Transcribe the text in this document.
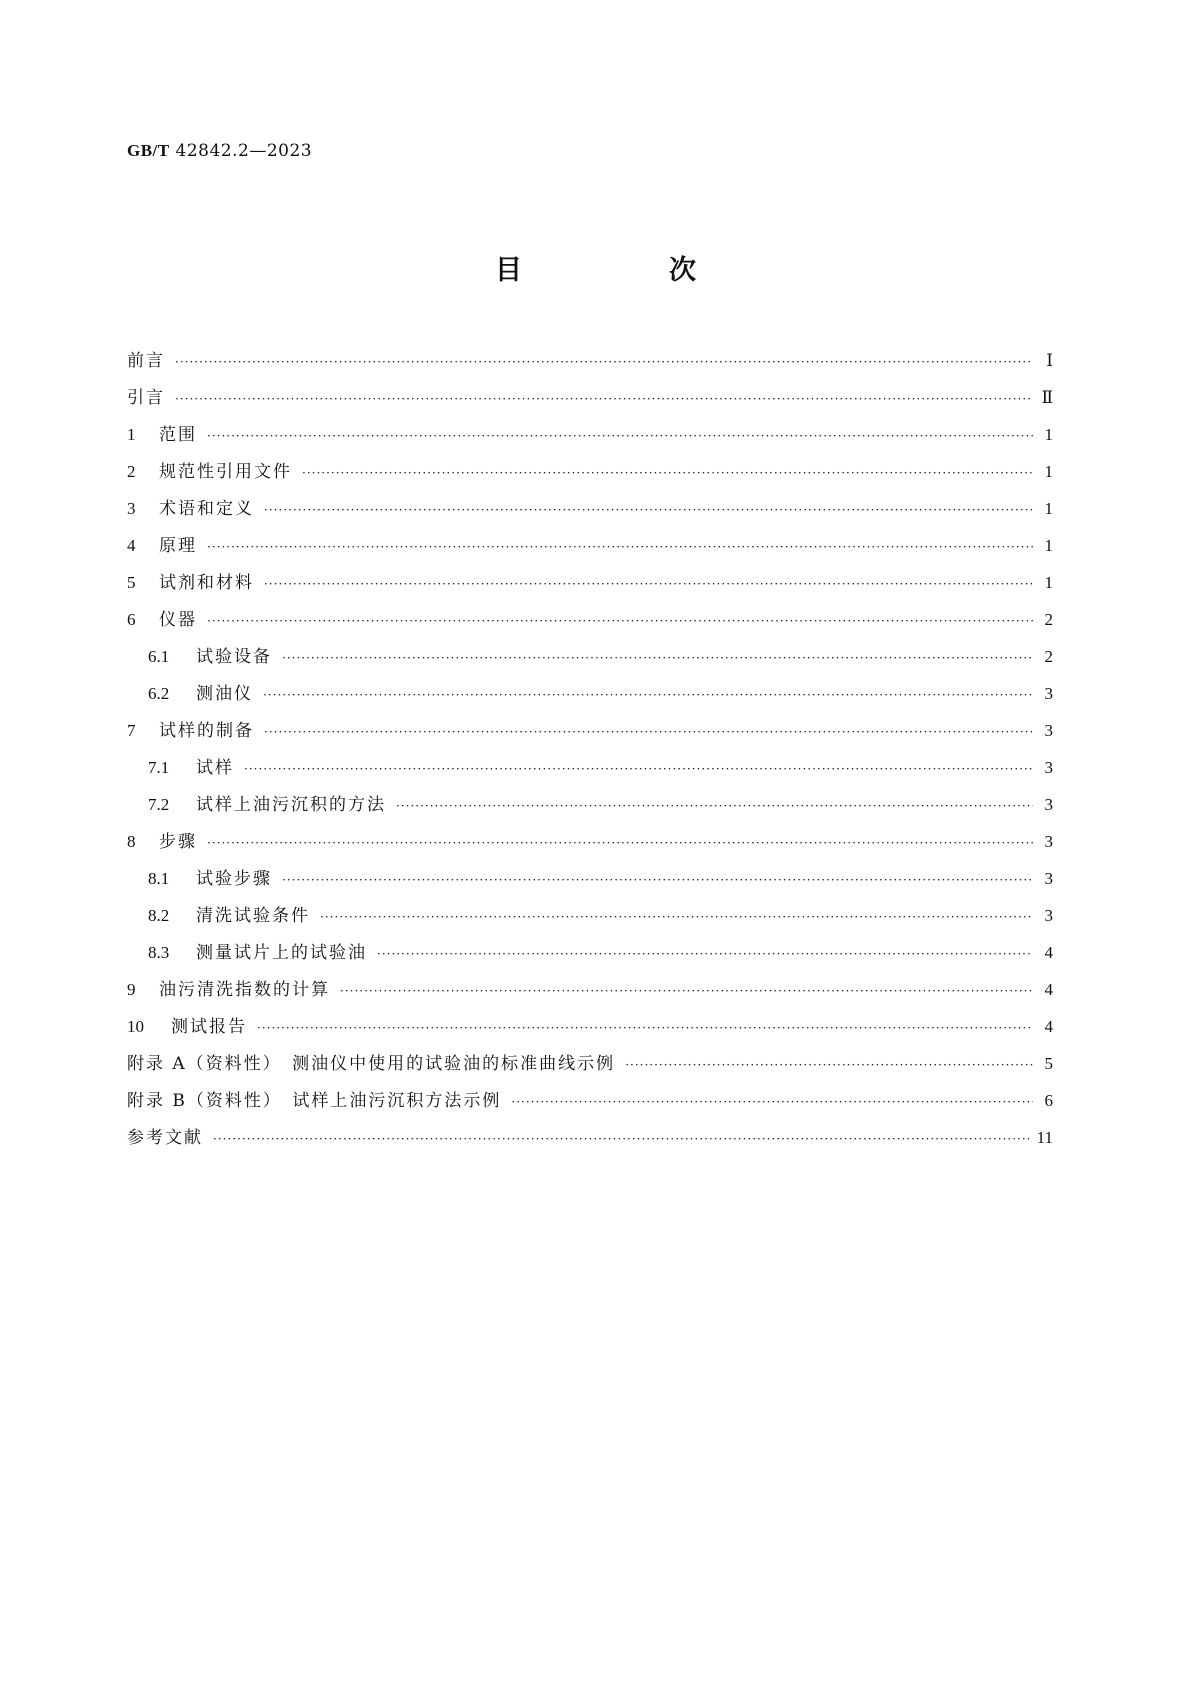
GB/T 42842.2—2023
目　次
前言 ·····	Ⅰ
引言 ·····	Ⅱ
1	范围 ·····	1
2	规范性引用文件 ·····	1
3	术语和定义 ·····	1
4	原理 ·····	1
5	试剂和材料 ·····	1
6	仪器 ·····	2
6.1	试验设备 ·····	2
6.2	测油仪 ·····	3
7	试样的制备 ·····	3
7.1	试样 ·····	3
7.2	试样上油污沉积的方法 ·····	3
8	步骤 ·····	3
8.1	试验步骤 ·····	3
8.2	清洗试验条件 ·····	3
8.3	测量试片上的试验油 ·····	4
9	油污清洗指数的计算 ·····	4
10	测试报告 ·····	4
附录 A（资料性）　测油仪中使用的试验油的标准曲线示例 ·····	5
附录 B（资料性）　试样上油污沉积方法示例 ·····	6
参考文献 ·····	11
